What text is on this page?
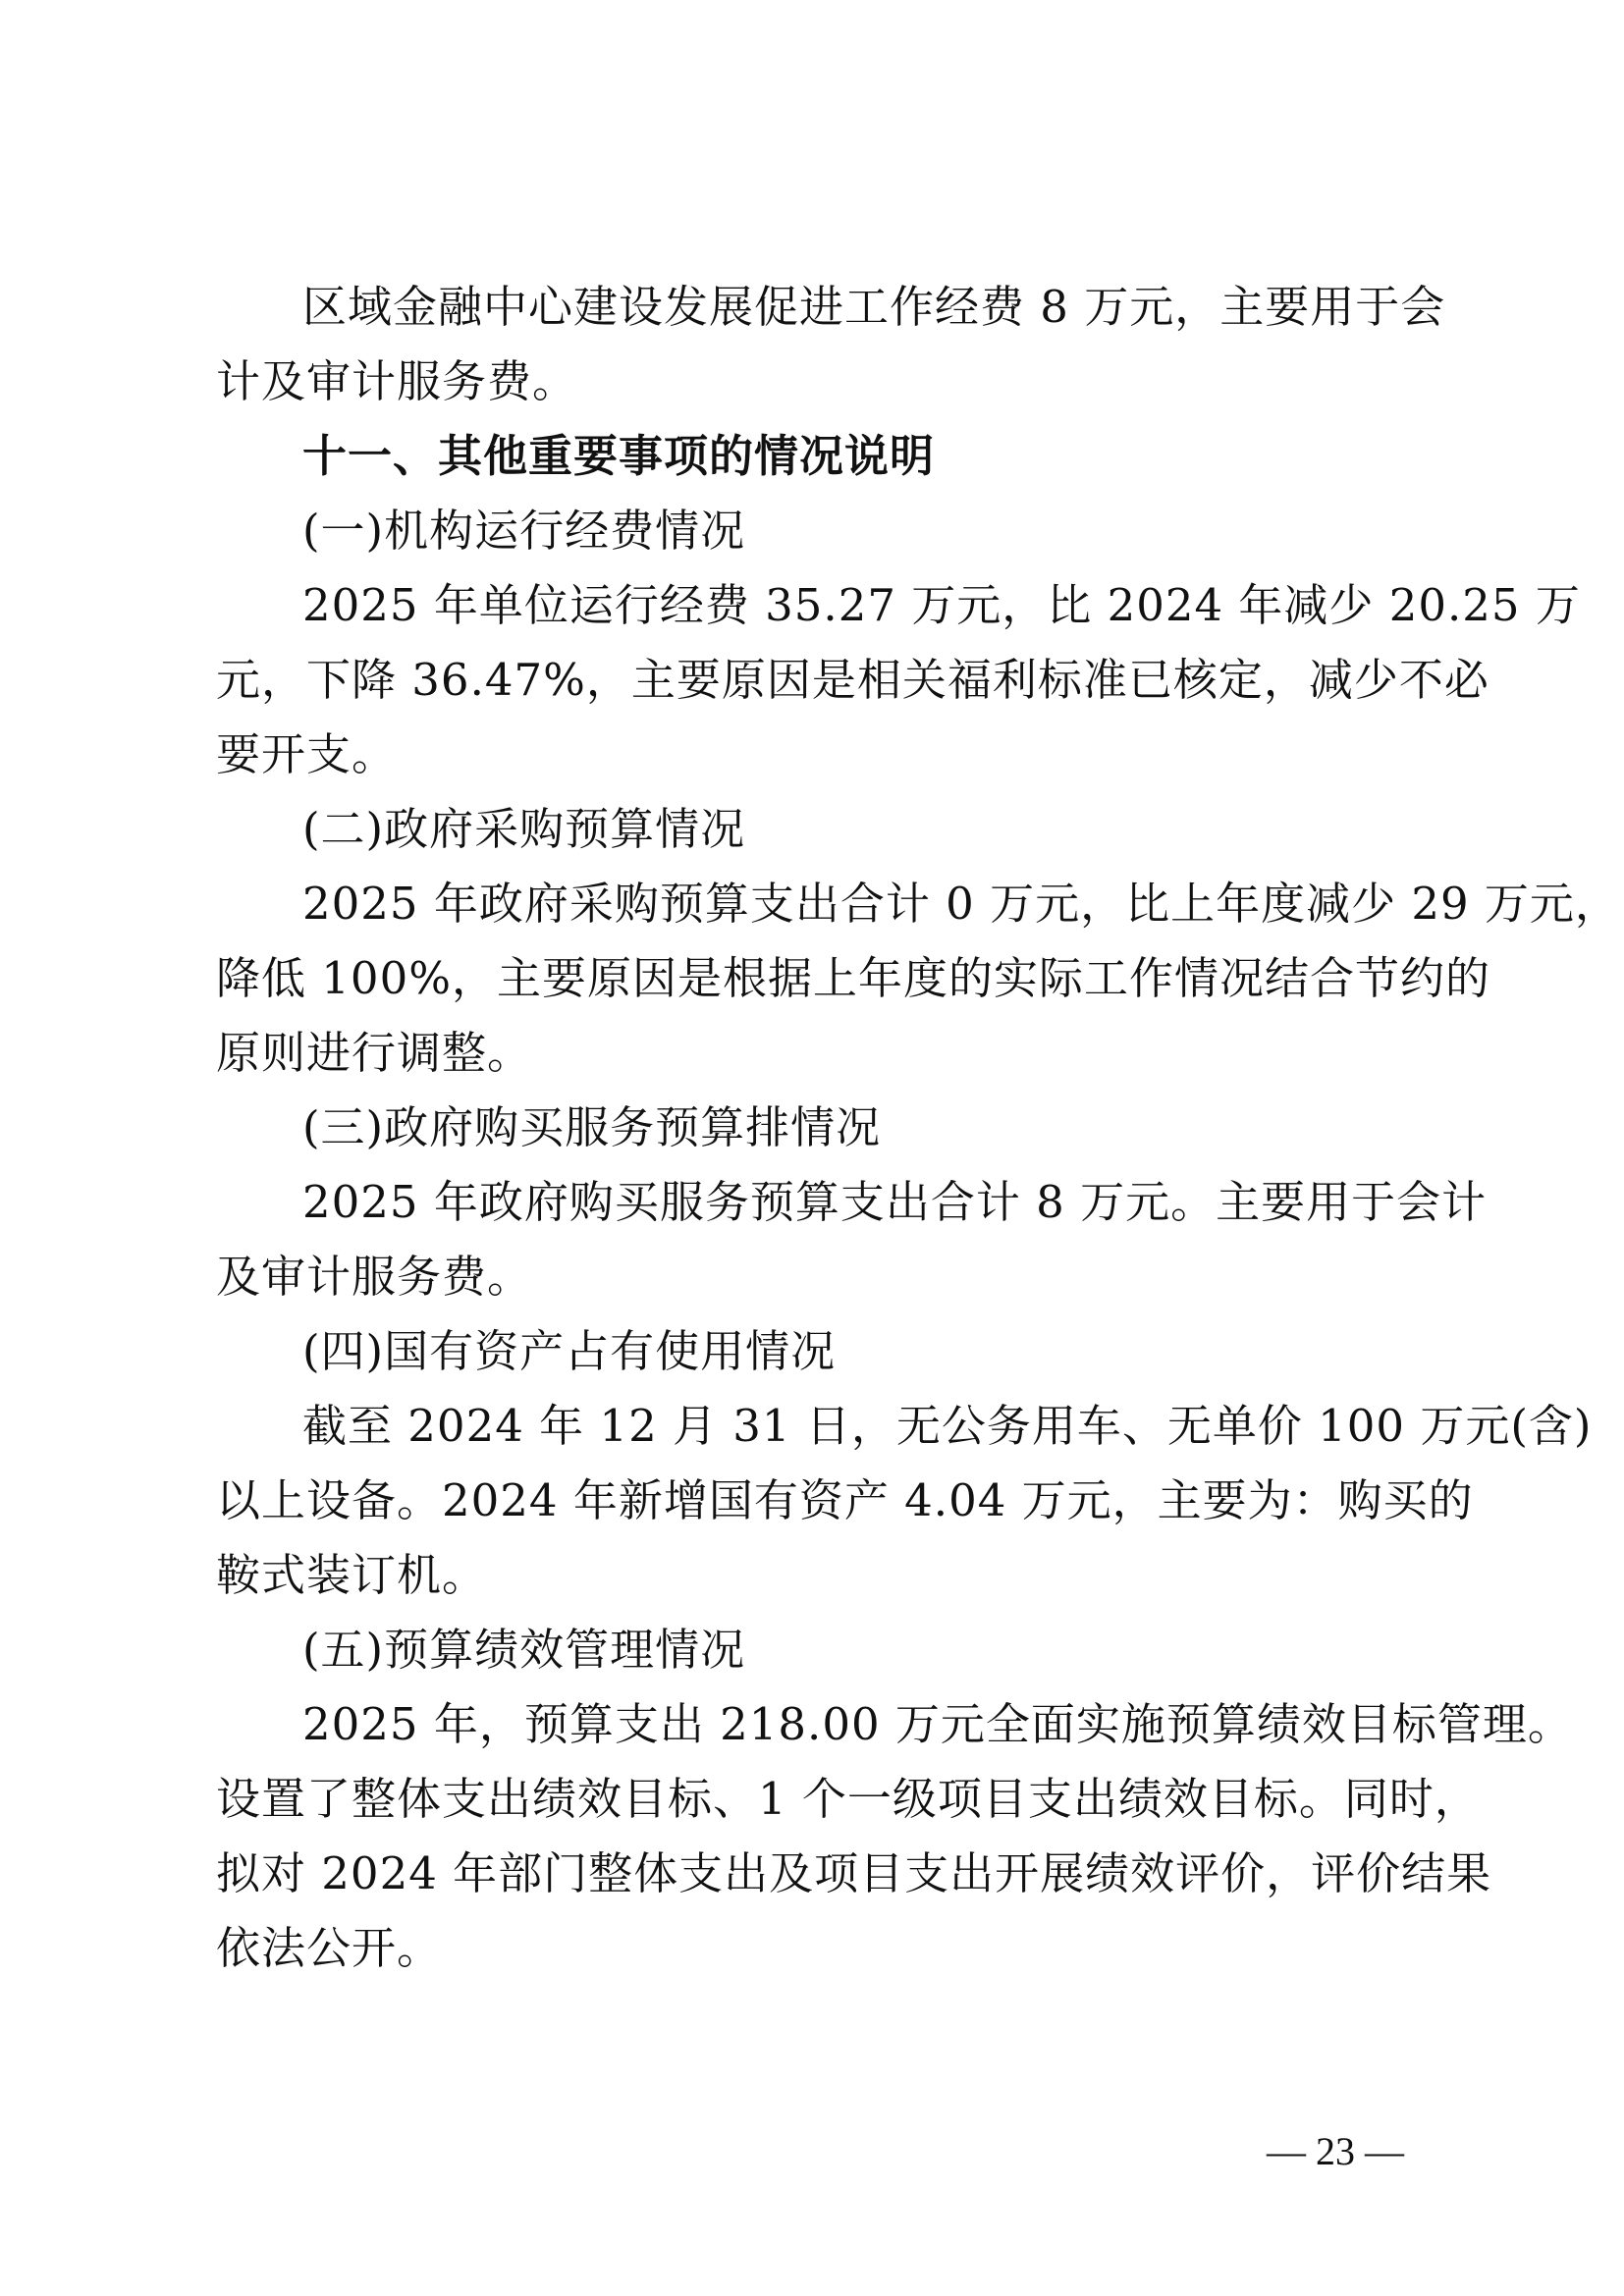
区域金融中心建设发展促进工作经费 8 万元，主要用于会
计及审计服务费。
十一、其他重要事项的情况说明
(一)机构运行经费情况
2025 年单位运行经费 35.27 万元，比 2024 年减少 20.25 万
元，下降 36.47%，主要原因是相关福利标准已核定，减少不必
要开支。
(二)政府采购预算情况
2025 年政府采购预算支出合计 0 万元，比上年度减少 29 万元，
降低 100%，主要原因是根据上年度的实际工作情况结合节约的
原则进行调整。
(三)政府购买服务预算排情况
2025 年政府购买服务预算支出合计 8 万元。主要用于会计
及审计服务费。
(四)国有资产占有使用情况
截至 2024 年 12 月 31 日，无公务用车、无单价 100 万元(含)
以上设备。2024 年新增国有资产 4.04 万元，主要为：购买的
鞍式装订机。
(五)预算绩效管理情况
2025 年，预算支出 218.00 万元全面实施预算绩效目标管理。
设置了整体支出绩效目标、1 个一级项目支出绩效目标。同时，
拟对 2024 年部门整体支出及项目支出开展绩效评价，评价结果
依法公开。
— 23 —
